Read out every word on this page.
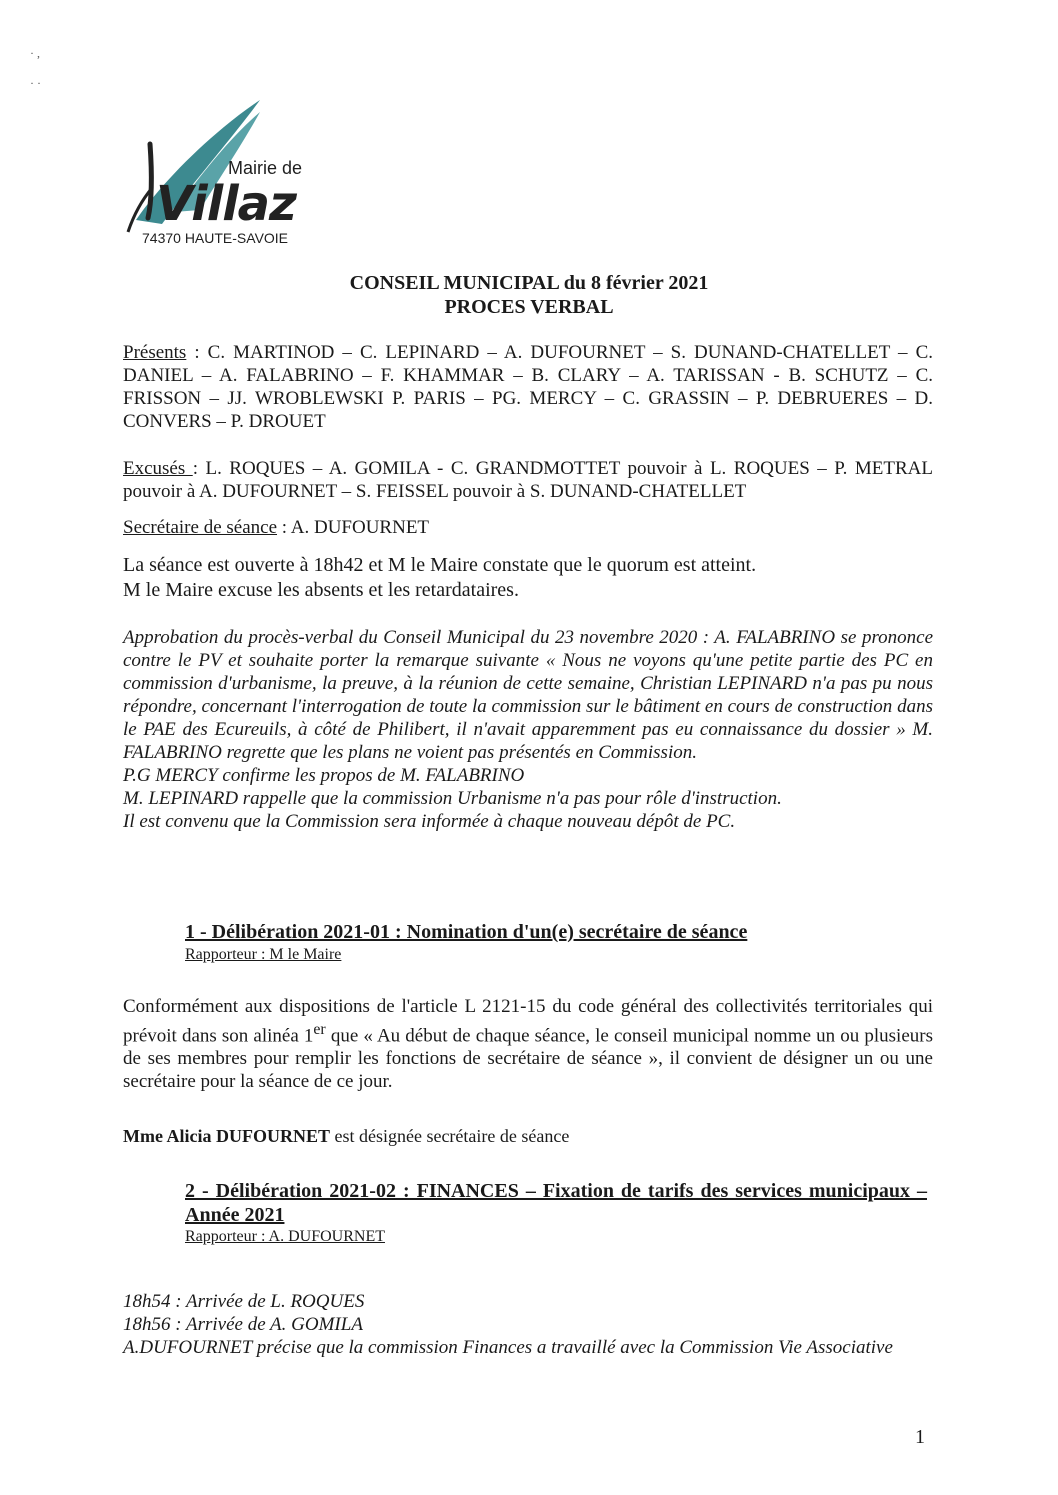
· ,
· ·
Mairie de
Villaz
74370 HAUTE-SAVOIE
CONSEIL MUNICIPAL du 8 février 2021
PROCES VERBAL
Présents : C. MARTINOD – C. LEPINARD – A. DUFOURNET – S. DUNAND-CHATELLET – C. DANIEL – A. FALABRINO – F. KHAMMAR – B. CLARY – A. TARISSAN - B. SCHUTZ – C. FRISSON – JJ. WROBLEWSKI P. PARIS – PG. MERCY – C. GRASSIN – P. DEBRUERES – D. CONVERS – P. DROUET
Excusés : L. ROQUES – A. GOMILA - C. GRANDMOTTET pouvoir à L. ROQUES – P. METRAL pouvoir à A. DUFOURNET – S. FEISSEL pouvoir à S. DUNAND-CHATELLET
Secrétaire de séance : A. DUFOURNET
La séance est ouverte à 18h42 et M le Maire constate que le quorum est atteint.
M le Maire excuse les absents et les retardataires.
Approbation du procès-verbal du Conseil Municipal du 23 novembre 2020 : A. FALABRINO se prononce contre le PV et souhaite porter la remarque suivante « Nous ne voyons qu'une petite partie des PC en commission d'urbanisme, la preuve, à la réunion de cette semaine, Christian LEPINARD n'a pas pu nous répondre, concernant l'interrogation de toute la commission sur le bâtiment en cours de construction dans le PAE des Ecureuils, à côté de Philibert, il n'avait apparemment pas eu connaissance du dossier » M. FALABRINO regrette que les plans ne voient pas présentés en Commission.
P.G MERCY confirme les propos de M. FALABRINO
M. LEPINARD rappelle que la commission Urbanisme n'a pas pour rôle d'instruction.
Il est convenu que la Commission sera informée à chaque nouveau dépôt de PC.
1 - Délibération 2021-01 : Nomination d'un(e) secrétaire de séance
Rapporteur : M le Maire
Conformément aux dispositions de l'article L 2121-15 du code général des collectivités territoriales qui prévoit dans son alinéa 1er que « Au début de chaque séance, le conseil municipal nomme un ou plusieurs de ses membres pour remplir les fonctions de secrétaire de séance », il convient de désigner un ou une secrétaire pour la séance de ce jour.
Mme Alicia DUFOURNET est désignée secrétaire de séance
2 - Délibération 2021-02 : FINANCES – Fixation de tarifs des services municipaux – Année 2021
Rapporteur : A. DUFOURNET
18h54 : Arrivée de L. ROQUES
18h56 : Arrivée de A. GOMILA
A.DUFOURNET précise que la commission Finances a travaillé avec la Commission Vie Associative
1
